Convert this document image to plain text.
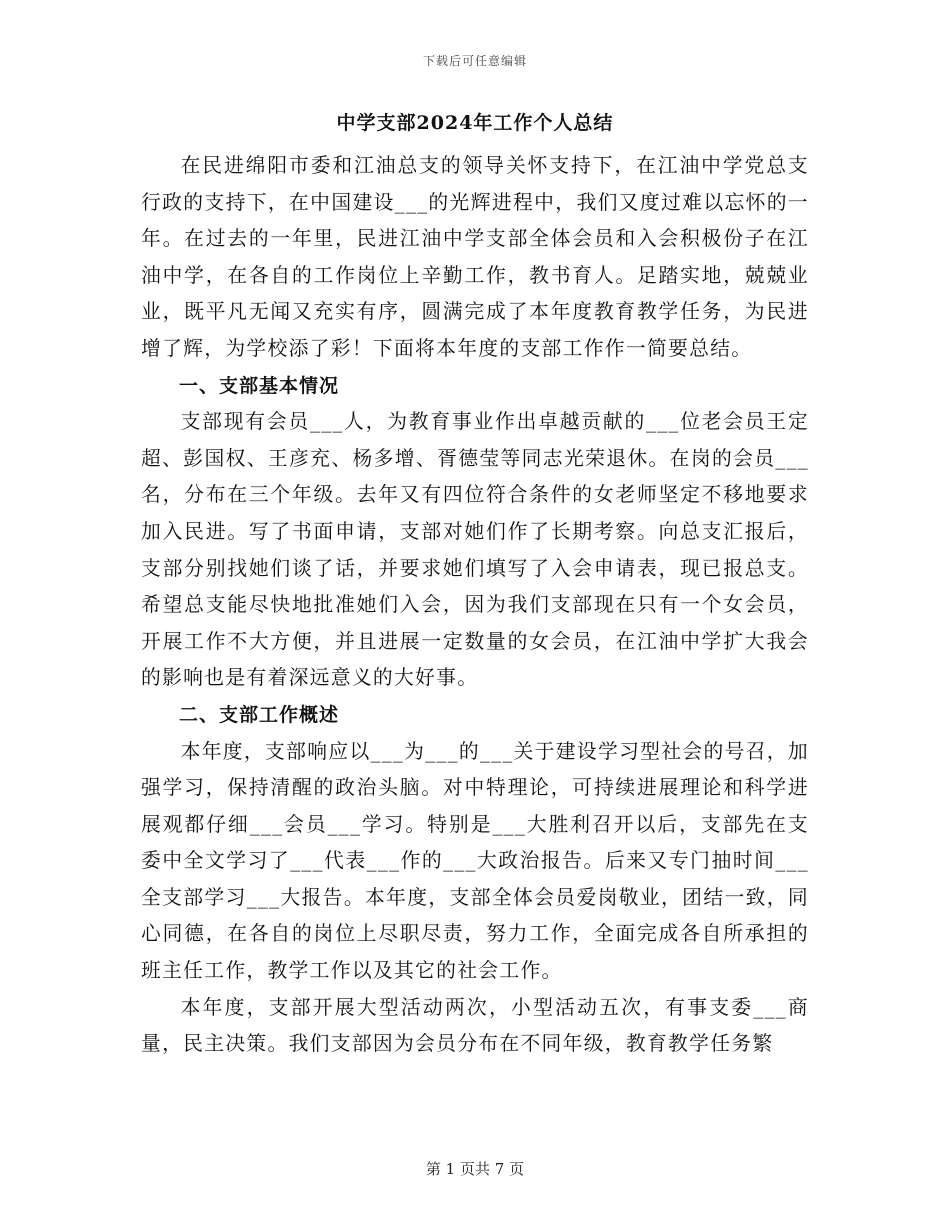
下载后可任意编辑
中学支部2024年工作个人总结

在民进绵阳市委和江油总支的领导关怀支持下，在江油中学党总支行政的支持下，在中国建设___的光辉进程中，我们又度过难以忘怀的一年。在过去的一年里，民进江油中学支部全体会员和入会积极份子在江油中学，在各自的工作岗位上辛勤工作，教书育人。足踏实地，兢兢业业，既平凡无闻又充实有序，圆满完成了本年度教育教学任务，为民进增了辉，为学校添了彩！下面将本年度的支部工作作一简要总结。

一、支部基本情况

支部现有会员___人，为教育事业作出卓越贡献的___位老会员王定超、彭国权、王彦充、杨多增、胥德莹等同志光荣退休。在岗的会员___名，分布在三个年级。去年又有四位符合条件的女老师坚定不移地要求加入民进。写了书面申请，支部对她们作了长期考察。向总支汇报后，支部分别找她们谈了话，并要求她们填写了入会申请表，现已报总支。希望总支能尽快地批准她们入会，因为我们支部现在只有一个女会员，开展工作不大方便，并且进展一定数量的女会员，在江油中学扩大我会的影响也是有着深远意义的大好事。

二、支部工作概述

本年度，支部响应以___为___的___关于建设学习型社会的号召，加强学习，保持清醒的政治头脑。对中特理论，可持续进展理论和科学进展观都仔细___会员___学习。特别是___大胜利召开以后，支部先在支委中全文学习了___代表___作的___大政治报告。后来又专门抽时间___全支部学习___大报告。本年度，支部全体会员爱岗敬业，团结一致，同心同德，在各自的岗位上尽职尽责，努力工作，全面完成各自所承担的班主任工作，教学工作以及其它的社会工作。

本年度，支部开展大型活动两次，小型活动五次，有事支委___商量，民主决策。我们支部因为会员分布在不同年级，教育教学任务繁

第 1 页共 7 页
